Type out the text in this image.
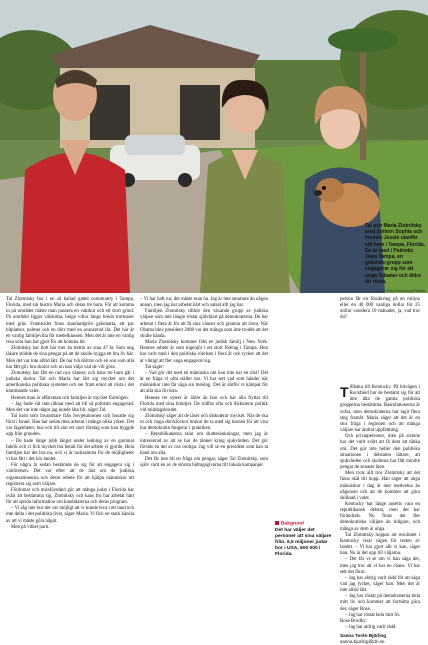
Tal och Maria Zlotnitsky med dottern Sophia och hennes Jessie utanför sitt hem i Tampa, Florida. De är med i Patriotic Jews Tampa, en gräsrots-grupp som engagerar sig för att unga Tebaner och äldre får rösta.
Foto: Paul Hennessy/Polaris

Tal Zlotnitsky bor i en så kallad gated community i Tampa, Florida, med sin hustru Maria och deras tre barn. För att komma in på området måste man passera en vaktkur och ett stort grind. På området ligger välskötta, beige villor längs breda trottoarer med gräs. Framtsidet finns standardgrön gräsmatta, ett par bilplatser, palmer och en dörr med en avancerad lås. Det här är en vanlig familjevilla för medelklassen. Men det är inte en vanlig resa som han har gjort för att komma hit.

Zlotnitsky har bott här mer än trettio av sina 47 år. Som ung läkare stödde de sina pengar på att de skulle bygga ett bra liv här. Men det var inte alltid lätt. De har två döttrar och en son som alla har fått gå i bra skolor och nu kan välja vad de vill göra.

Zlotnitsky har fått en rad nya vänner, och hans tre barn går i judiska skolor. Tal och Maria har lärt sig mycket om det amerikanska politiska systemet och ser fram emot att rösta i det kommande valet.

Hennes man är affärsman och familjen är mycket förmögen.

– Jag hade väl inte räknat med att bli så politiskt engagerad. Men det var inte något jag kunde låta bli, säger Tal.

Tal kom som invandrare från Sovjetunionen och bosatte sig först i Israel. Han har sedan dess arbetat i många olika yrken. Det var lägenheter, hus och till slut ett stort företag som han byggde upp från grunden.

– De hade länge jobb längst under ledning av en gammal fabrik och vi fick mycket bra betalt för det arbete vi gjorde. Hela familjen har det bra nu, och vi är tacksamma för de möjligheter vi har fått i det här landet.

För några år sedan bestämde de sig för att engagera sig i valrörelsen. Det var efter att de läst om de judiska organisationerna och deras arbete för att hjälpa människor att registrera sig som väljare.

Fördomar och missförstånd gör att många judar i Florida har svårt att bestämma sig. Zlotnitsky och hans fru har arbetat hårt för att sprida information om kandidaterna och deras program.

– Vi såg inte hur det var möjligt att vi kunde leva i ett land och inte delta i det politiska livet, säger Maria. Vi fick en stark känsla av att vi måste göra något.

Men på vilket parti.

– Vi har haft tur, det måste man ha. Jag är inte smartare än någon annan, men jag har arbetat hårt och satsat allt jag har.

Familjen Zlotnitsky tillhör den växande grupp av judiska väljare som inte längre röstar självklart på demokraterna. De har arbetat i flera år för att få sina vänner och grannar att rösta. När Obama blev president 2008 var det många som inte trodde att det skulle hända.

Maria Zlotnitsky kommer från en judisk familj i New York. Hennes arbete är som ingenjör i ett stort företag i Tampa. Hon har varit med i den politiska rörelsen i flera år och tycker att det är viktigt att fler unga engagerar sig.

Tal säger:

– Vad gör det med en människa om hon inte har en röst? Det är en fråga vi ofta ställer oss. Vi har sett vad som händer när människor inte får säga sin mening. Det är därför vi kämpar för att alla ska få rösta.

Hennes tre syster är äldre än hon och har alla flyttat till Florida med sina familjer. De träffas ofta och diskuterar politik vid middagsbordet.

Zlotnitsky säger att de läser och diskuterar mycket. När de ska ut och ringa dörrklockor brukar de ta med sig barnen för att visa hur demokratin fungerar i praktiken.

– Republikanerna talar om skattesänkningar, men jag är intresserad av att se hur de tänker kring sjukvården. Det gör förstås en del av oss oroliga. Jag vill se en president som kan ta hand om alla.

Det får inte bli en fråga om pengar, säger Tal Zlotnitsky, som själv varit en av de största bidragsgivarna till lokala kampanjer.

Bakgrund
Det har väljer det personer att sina väljare från. 6,5 miljoner judar bor i USA, 600 000 i Florida.

person får en försäkring på en miljon eller en 40 000 vanliga dollar för 25 dollar varedera 10 månader, ja, vad tror du?

Tillbaka till Kentucky. På hitvägen i Rockfield har de bestämt sig för att inte låta de gamla politiska grupperna bestämma. Rasrelationerna är svåra, men demokraterna har tagit flera steg framåt. Maria säger att det är en stor fråga i regionen och att många väljare har ändrat uppfattning.

Och privatpersoner, men på sistone har det varit svårt att få dem att tänka om. Det gör inte heller den politiska situationen i delstaten lättare, att sjukvården och skolorna har fått mindre pengar de senaste åren.

Men trots allt tror Zlotnitsky att det finns skäl till hopp. Han säger att unga människor i dag är mer medvetna än någonsin och att de kommer att göra skillnad i valet.

Kentucky har länge ansetts vara en republikansk delstat, men det har förändrats. Nu finns det fler demokratiska väljare än tidigare, och många av dem är unga.

Tal Zlotnitsky hoppas att resultatet i Kentucky visar vägen för resten av landet. – Vi har gjort allt vi kan, säger han. Nu är det upp till väljarna.

– Det får vi se om vi kan säga det, men jag tror att vi har en chans. Vi har sett det förut.

– Jag har aldrig varit rädd för att säga vad jag tycker, säger han. Men det är inte alltid lätt.

– Jag har röstat på demokraterna hela mitt liv och kommer att fortsätta göra det, säger Rose.

– Jag har röstat hela mitt liv.

Rose Brodky:

– Jag har aldrig varit rädd.

Sanna Torén Björling
sanna.bjorling@dn.se
